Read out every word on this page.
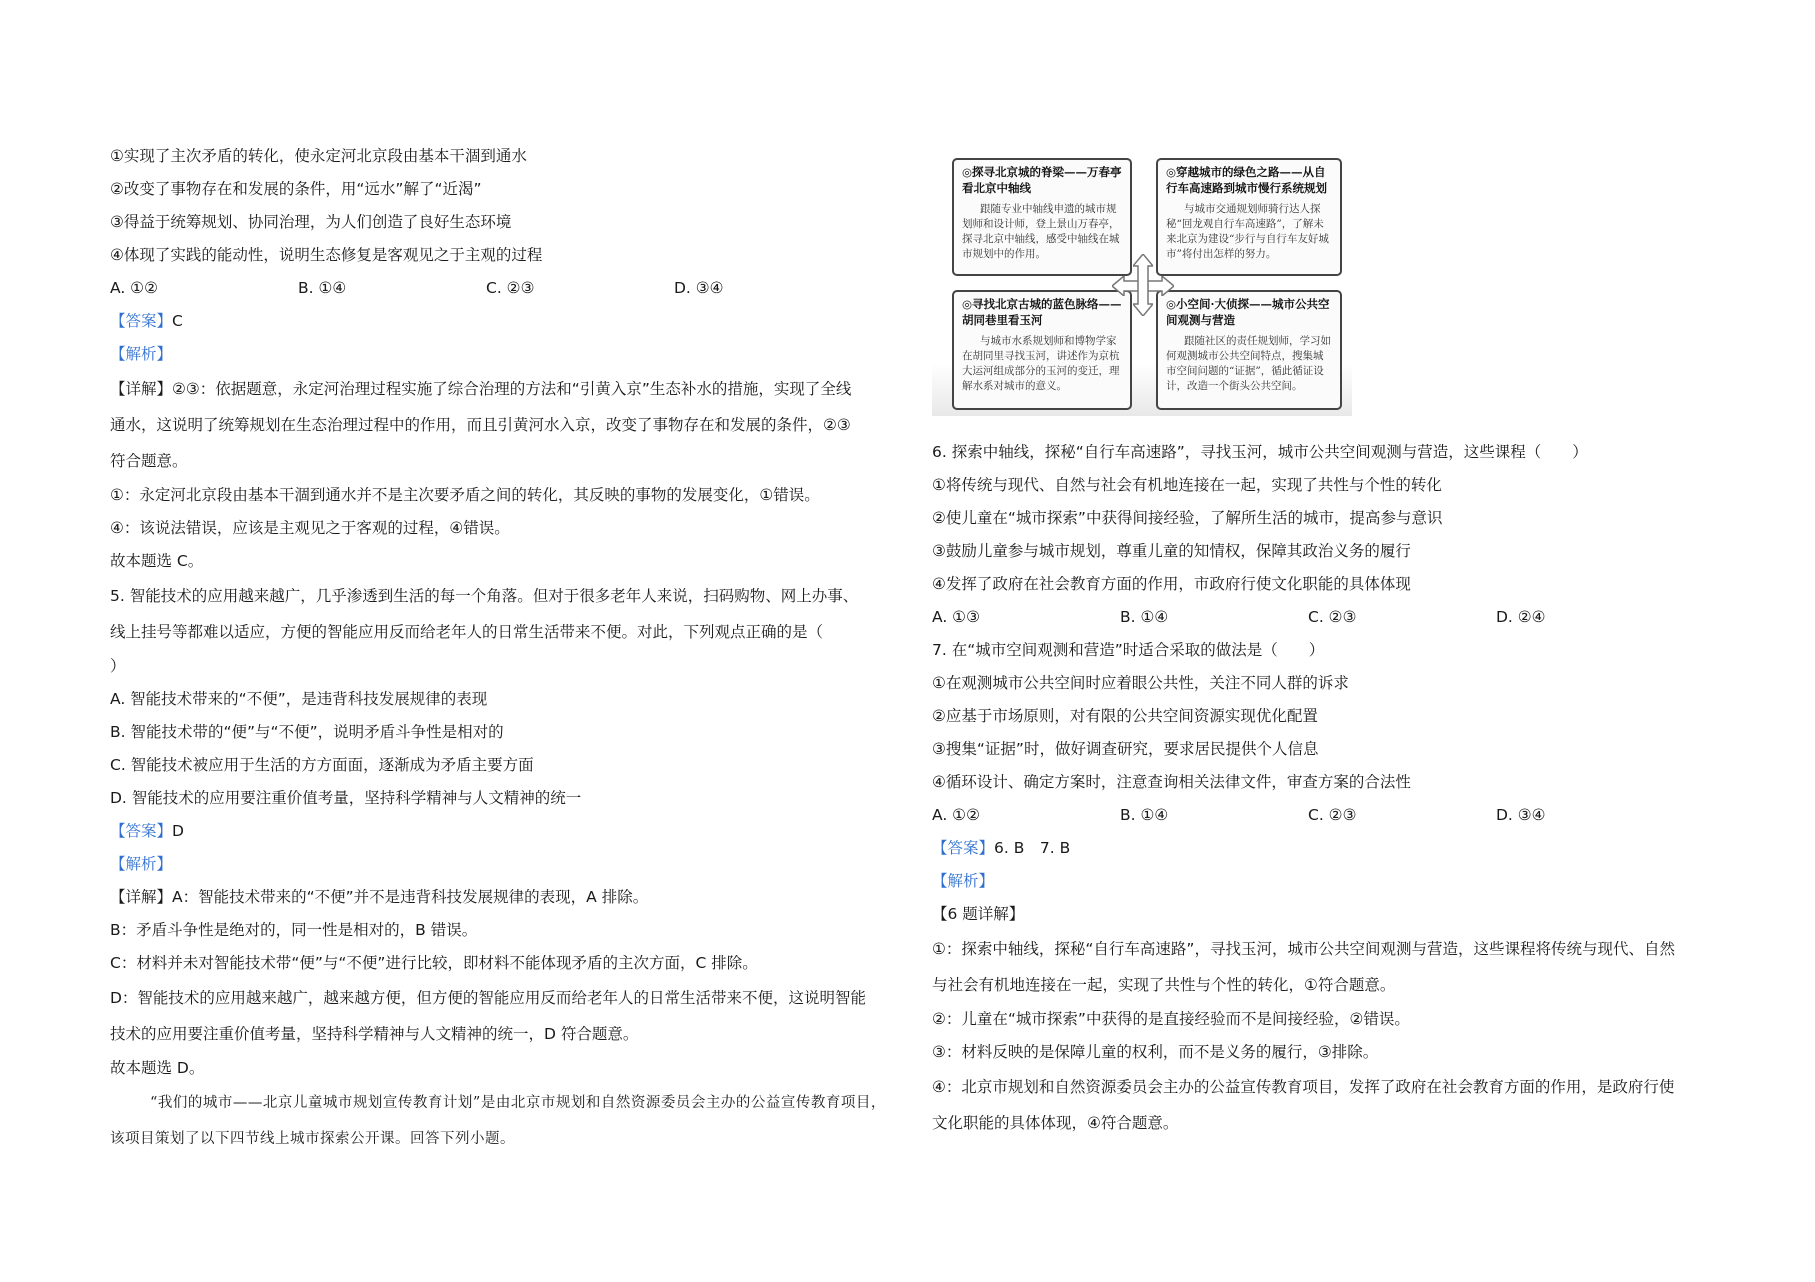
①实现了主次矛盾的转化，使永定河北京段由基本干涸到通水
②改变了事物存在和发展的条件，用“远水”解了“近渴”
③得益于统筹规划、协同治理，为人们创造了良好生态环境
④体现了实践的能动性，说明生态修复是客观见之于主观的过程
A. ①②	B. ①④	C. ②③	D. ③④
【答案】C
【解析】
【详解】②③：依据题意，永定河治理过程实施了综合治理的方法和“引黄入京”生态补水的措施，实现了全线
通水，这说明了统筹规划在生态治理过程中的作用，而且引黄河水入京，改变了事物存在和发展的条件，②③
符合题意。
①：永定河北京段由基本干涸到通水并不是主次要矛盾之间的转化，其反映的事物的发展变化，①错误。
④：该说法错误，应该是主观见之于客观的过程，④错误。
故本题选 C。
5. 智能技术的应用越来越广，几乎渗透到生活的每一个角落。但对于很多老年人来说，扫码购物、网上办事、
线上挂号等都难以适应，方便的智能应用反而给老年人的日常生活带来不便。对此，下列观点正确的是（
）
A. 智能技术带来的“不便”，是违背科技发展规律的表现
B. 智能技术带的“便”与“不便”，说明矛盾斗争性是相对的
C. 智能技术被应用于生活的方方面面，逐渐成为矛盾主要方面
D. 智能技术的应用要注重价值考量，坚持科学精神与人文精神的统一
【答案】D
【解析】
【详解】A：智能技术带来的“不便”并不是违背科技发展规律的表现，A 排除。
B：矛盾斗争性是绝对的，同一性是相对的，B 错误。
C：材料并未对智能技术带“便”与“不便”进行比较，即材料不能体现矛盾的主次方面，C 排除。
D：智能技术的应用越来越广，越来越方便，但方便的智能应用反而给老年人的日常生活带来不便，这说明智能
技术的应用要注重价值考量，坚持科学精神与人文精神的统一，D 符合题意。
故本题选 D。
“我们的城市——北京儿童城市规划宣传教育计划”是由北京市规划和自然资源委员会主办的公益宣传教育项目，该项目策划了以下四节线上城市探索公开课。回答下列小题。
◎探寻北京城的脊梁——万春亭看北京中轴线
跟随专业中轴线申遗的城市规划师和设计师，登上景山万春亭，探寻北京中轴线，感受中轴线在城市规划中的作用。
◎穿越城市的绿色之路——从自行车高速路到城市慢行系统规划
与城市交通规划师骑行达人探秘“回龙观自行车高速路”，了解未来北京为建设“步行与自行车友好城市”将付出怎样的努力。
◎寻找北京古城的蓝色脉络——胡同巷里看玉河
与城市水系规划师和博物学家在胡同里寻找玉河，讲述作为京杭大运河组成部分的玉河的变迁，理解水系对城市的意义。
◎小空间·大侦探——城市公共空间观测与营造
跟随社区的责任规划师，学习如何观测城市公共空间特点，搜集城市空间问题的“证据”，循此循证设计，改造一个街头公共空间。
6. 探索中轴线，探秘“自行车高速路”，寻找玉河，城市公共空间观测与营造，这些课程（　　）
①将传统与现代、自然与社会有机地连接在一起，实现了共性与个性的转化
②使儿童在“城市探索”中获得间接经验，了解所生活的城市，提高参与意识
③鼓励儿童参与城市规划，尊重儿童的知情权，保障其政治义务的履行
④发挥了政府在社会教育方面的作用，市政府行使文化职能的具体体现
A. ①③	B. ①④	C. ②③	D. ②④
7. 在“城市空间观测和营造”时适合采取的做法是（　　）
①在观测城市公共空间时应着眼公共性，关注不同人群的诉求
②应基于市场原则，对有限的公共空间资源实现优化配置
③搜集“证据”时，做好调查研究，要求居民提供个人信息
④循环设计、确定方案时，注意查询相关法律文件，审查方案的合法性
A. ①②	B. ①④	C. ②③	D. ③④
【答案】6. B　7. B
【解析】
【6 题详解】
①：探索中轴线，探秘“自行车高速路”，寻找玉河，城市公共空间观测与营造，这些课程将传统与现代、自然
与社会有机地连接在一起，实现了共性与个性的转化，①符合题意。
②：儿童在“城市探索”中获得的是直接经验而不是间接经验，②错误。
③：材料反映的是保障儿童的权利，而不是义务的履行，③排除。
④：北京市规划和自然资源委员会主办的公益宣传教育项目，发挥了政府在社会教育方面的作用，是政府行使
文化职能的具体体现，④符合题意。
